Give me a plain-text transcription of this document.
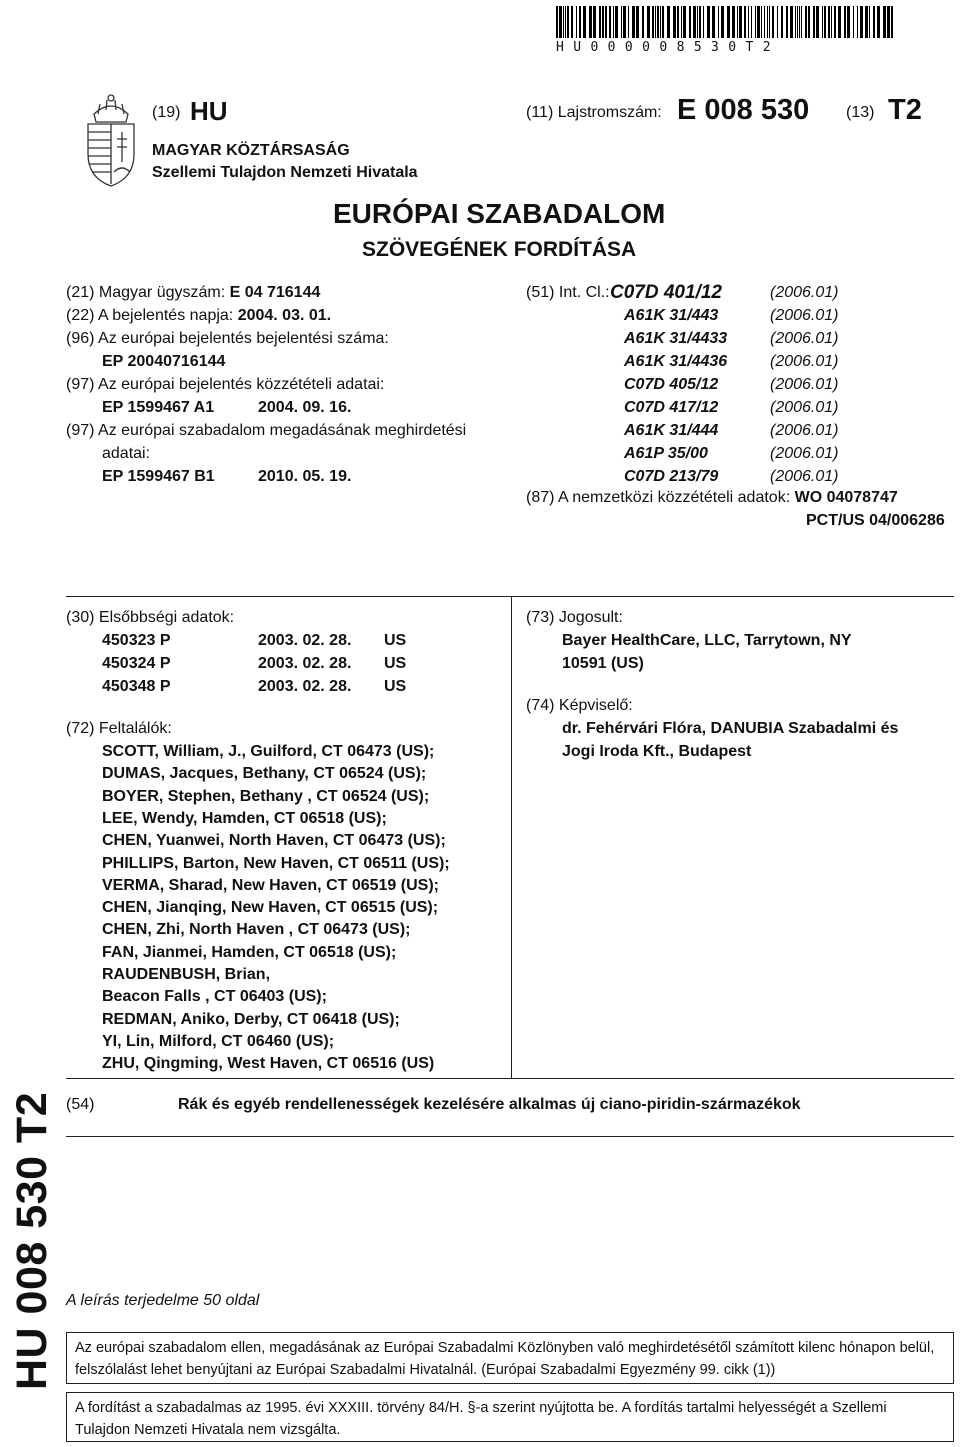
HU000008530T2
(19) HU
MAGYAR KÖZTÁRSASÁG
Szellemi Tulajdon Nemzeti Hivatala
(11) Lajstromszám: E 008 530 (13) T2
EURÓPAI SZABADALOM
SZÖVEGÉNEK FORDÍTÁSA
(21) Magyar ügyszám: E 04 716144
(22) A bejelentés napja: 2004. 03. 01.
(96) Az európai bejelentés bejelentési száma:
EP 20040716144
(97) Az európai bejelentés közzétételi adatai:
EP 1599467 A1	2004. 09. 16.
(97) Az európai szabadalom megadásának meghirdetési
adatai:
EP 1599467 B1	2010. 05. 19.
(51) Int. Cl.: C07D 401/12	(2006.01)
A61K 31/443	(2006.01)
A61K 31/4433	(2006.01)
A61K 31/4436	(2006.01)
C07D 405/12	(2006.01)
C07D 417/12	(2006.01)
A61K 31/444	(2006.01)
A61P 35/00	(2006.01)
C07D 213/79	(2006.01)
(87) A nemzetközi közzétételi adatok: WO 04078747
PCT/US 04/006286
(30) Elsőbbségi adatok:
450323 P	2003. 02. 28. US
450324 P	2003. 02. 28. US
450348 P	2003. 02. 28. US
(72) Feltalálók:
SCOTT, William, J., Guilford, CT 06473 (US);
DUMAS, Jacques, Bethany, CT 06524 (US);
BOYER, Stephen, Bethany , CT 06524 (US);
LEE, Wendy, Hamden, CT 06518 (US);
CHEN, Yuanwei, North Haven, CT 06473 (US);
PHILLIPS, Barton, New Haven, CT 06511 (US);
VERMA, Sharad, New Haven, CT 06519 (US);
CHEN, Jianqing, New Haven, CT 06515 (US);
CHEN, Zhi, North Haven , CT 06473 (US);
FAN, Jianmei, Hamden, CT 06518 (US);
RAUDENBUSH, Brian,
Beacon Falls , CT 06403 (US);
REDMAN, Aniko, Derby, CT 06418 (US);
YI, Lin, Milford, CT 06460 (US);
ZHU, Qingming, West Haven, CT 06516 (US)
(73) Jogosult:
Bayer HealthCare, LLC, Tarrytown, NY
10591 (US)
(74) Képviselő:
dr. Fehérvári Flóra, DANUBIA Szabadalmi és
Jogi Iroda Kft., Budapest
(54)	Rák és egyéb rendellenességek kezelésére alkalmas új ciano-piridin-származékok
HU 008 530 T2 A leírás terjedelme 50 oldal
Az európai szabadalom ellen, megadásának az Európai Szabadalmi Közlönyben való meghirdetésétől számított kilenc hónapon belül, felszólalást lehet benyújtani az Európai Szabadalmi Hivatalnál. (Európai Szabadalmi Egyezmény 99. cikk (1))
A fordítást a szabadalmas az 1995. évi XXXIII. törvény 84/H. §-a szerint nyújtotta be. A fordítás tartalmi helyességét a Szellemi Tulajdon Nemzeti Hivatala nem vizsgálta.
